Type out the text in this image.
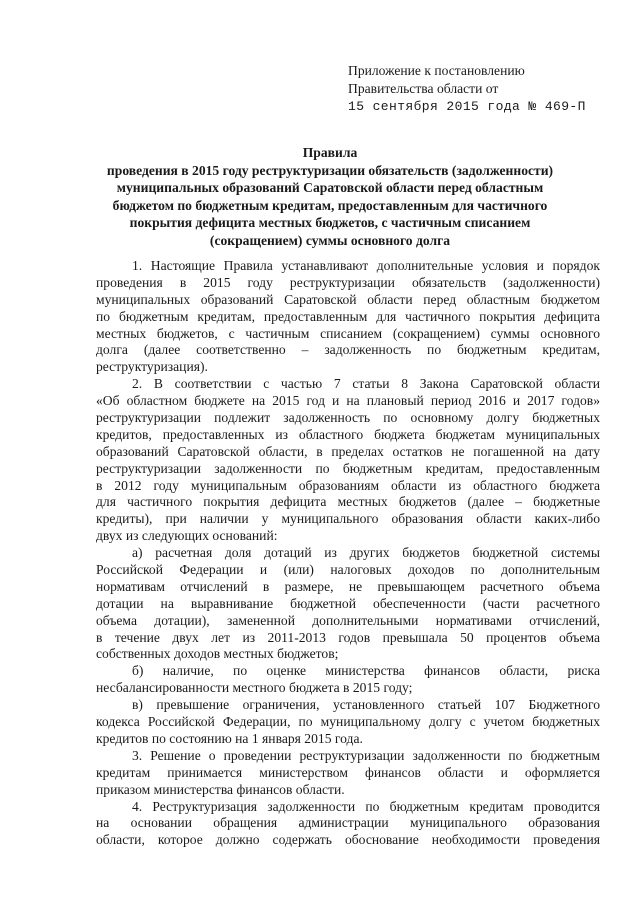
Приложение к постановлению
Правительства области от
15 сентября 2015 года № 469-П
Правила
проведения в 2015 году реструктуризации обязательств (задолженности)
муниципальных образований Саратовской области перед областным
бюджетом по бюджетным кредитам, предоставленным для частичного
покрытия дефицита местных бюджетов, с частичным списанием
(сокращением) суммы основного долга
1. Настоящие Правила устанавливают дополнительные условия и порядок
проведения в 2015 году реструктуризации обязательств (задолженности)
муниципальных образований Саратовской области перед областным бюджетом
по бюджетным кредитам, предоставленным для частичного покрытия дефицита
местных бюджетов, с частичным списанием (сокращением) суммы основного
долга (далее соответственно – задолженность по бюджетным кредитам,
реструктуризация).
2. В соответствии с частью 7 статьи 8 Закона Саратовской области
«Об областном бюджете на 2015 год и на плановый период 2016 и 2017 годов»
реструктуризации подлежит задолженность по основному долгу бюджетных
кредитов, предоставленных из областного бюджета бюджетам муниципальных
образований Саратовской области, в пределах остатков не погашенной на дату
реструктуризации задолженности по бюджетным кредитам, предоставленным
в 2012 году муниципальным образованиям области из областного бюджета
для частичного покрытия дефицита местных бюджетов (далее – бюджетные
кредиты), при наличии у муниципального образования области каких-либо
двух из следующих оснований:
а) расчетная доля дотаций из других бюджетов бюджетной системы
Российской Федерации и (или) налоговых доходов по дополнительным
нормативам отчислений в размере, не превышающем расчетного объема
дотации на выравнивание бюджетной обеспеченности (части расчетного
объема дотации), замененной дополнительными нормативами отчислений,
в течение двух лет из 2011-2013 годов превышала 50 процентов объема
собственных доходов местных бюджетов;
б) наличие, по оценке министерства финансов области, риска
несбалансированности местного бюджета в 2015 году;
в) превышение ограничения, установленного статьей 107 Бюджетного
кодекса Российской Федерации, по муниципальному долгу с учетом бюджетных
кредитов по состоянию на 1 января 2015 года.
3. Решение о проведении реструктуризации задолженности по бюджетным
кредитам принимается министерством финансов области и оформляется
приказом министерства финансов области.
4. Реструктуризация задолженности по бюджетным кредитам проводится
на основании обращения администрации муниципального образования
области, которое должно содержать обоснование необходимости проведения
